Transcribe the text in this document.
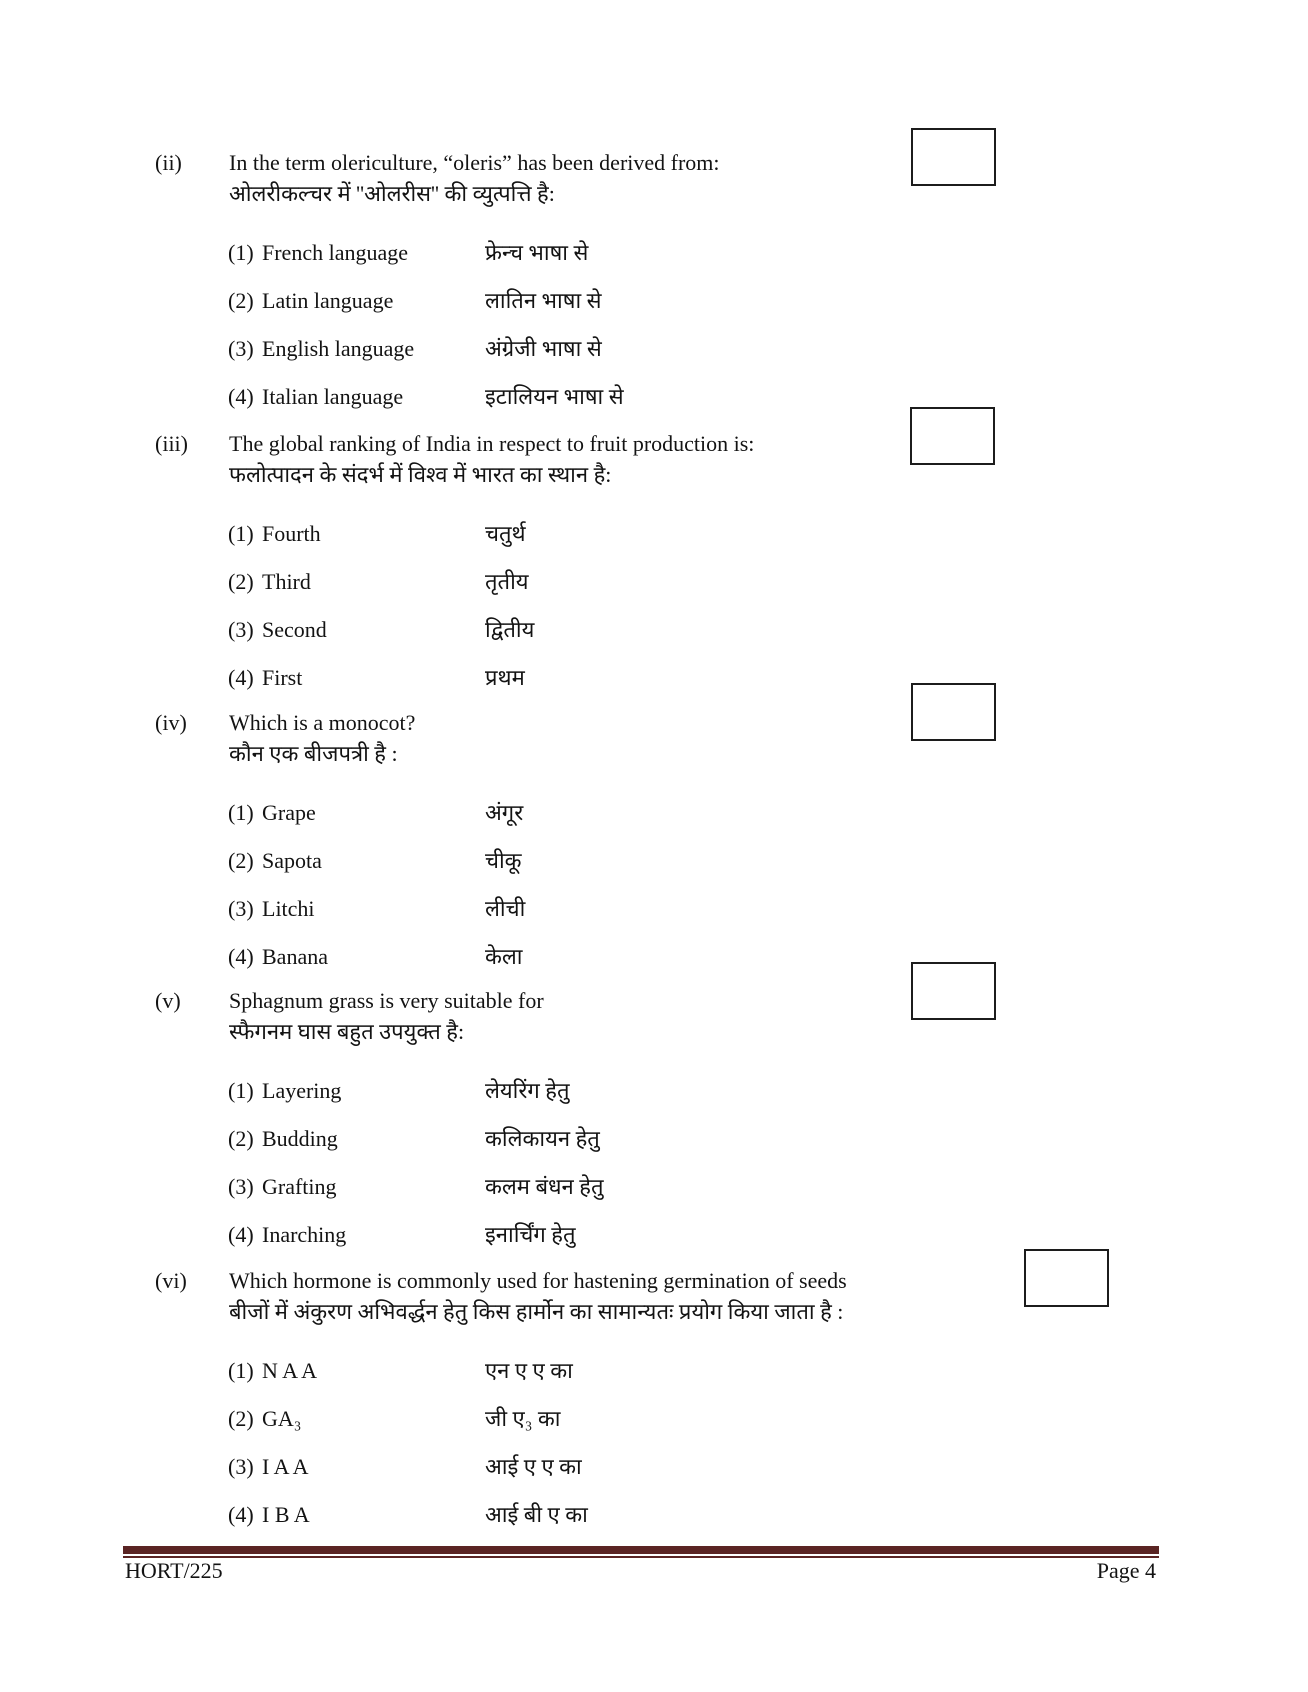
(ii)	In the term olericulture, “oleris” has been derived from:
ओलरीकल्चर में ''ओलरीस'' की व्युत्पत्ति है:
(1) French language	फ्रेन्च भाषा से
(2) Latin language	लातिन भाषा से
(3) English language	अंग्रेजी भाषा से
(4) Italian language	इटालियन भाषा से
(iii)	The global ranking of India in respect to fruit production is:
फलोत्पादन के संदर्भ में विश्व में भारत का स्थान है:
(1) Fourth	चतुर्थ
(2) Third	तृतीय
(3) Second	द्वितीय
(4) First	प्रथम
(iv)	Which is a monocot?
कौन एक बीजपत्री है :
(1) Grape	अंगूर
(2) Sapota	चीकू
(3) Litchi	लीची
(4) Banana	केला
(v)	Sphagnum grass is very suitable for
स्फैगनम घास बहुत उपयुक्त है:
(1) Layering	लेयरिंग हेतु
(2) Budding	कलिकायन हेतु
(3) Grafting	कलम बंधन हेतु
(4) Inarching	इनार्चिंग हेतु
(vi)	Which hormone is commonly used for hastening germination of seeds
बीजों में अंकुरण अभिवर्द्धन हेतु किस हार्मोन का सामान्यतः प्रयोग किया जाता है :
(1) N A A	एन ए ए का
(2) GA₃	जी ए₃ का
(3) I A A	आई ए ए का
(4) I B A	आई बी ए का
HORT/225	Page 4
